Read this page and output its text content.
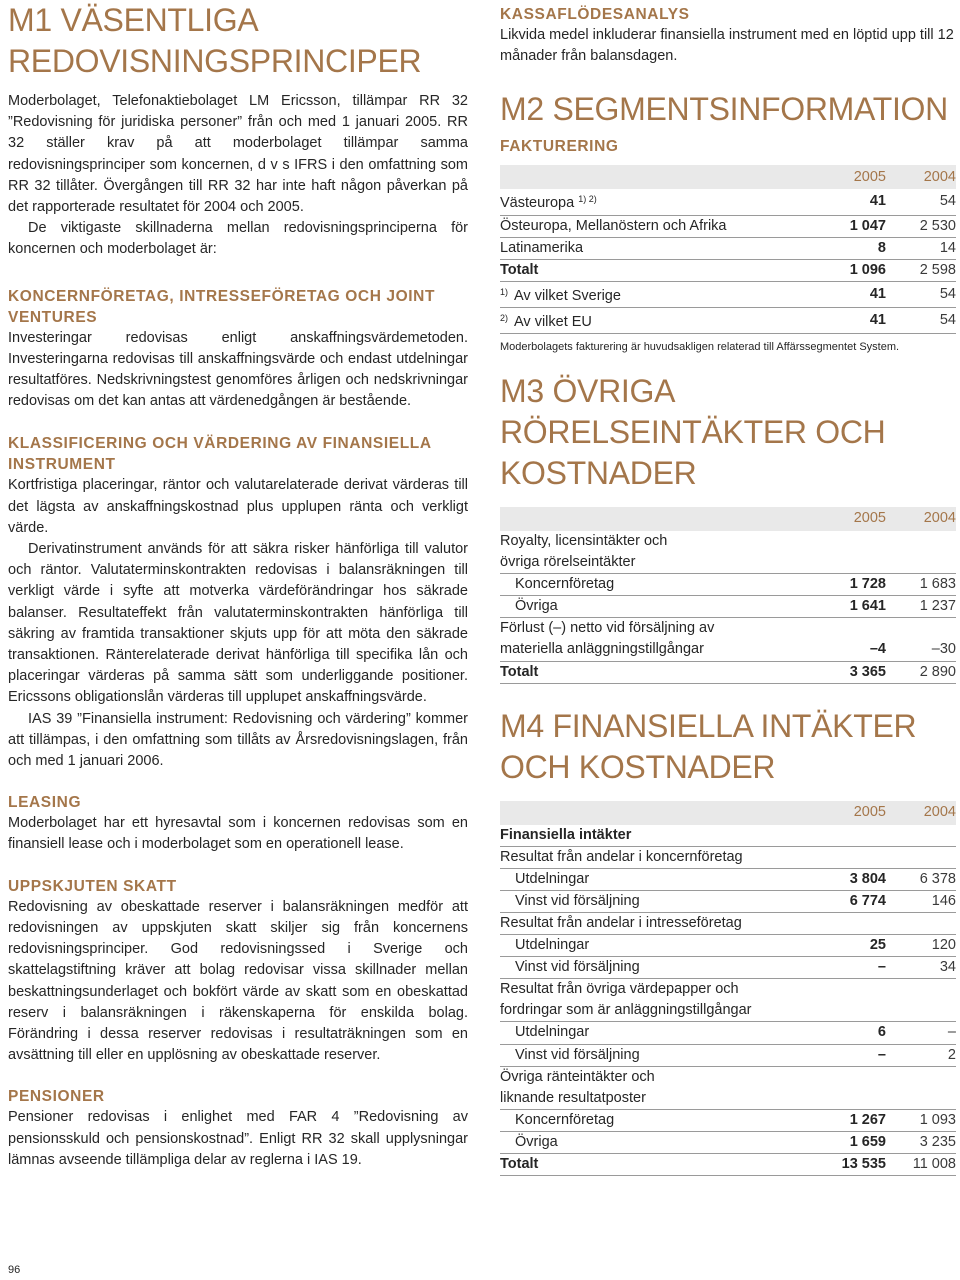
M1 VÄSENTLIGA REDOVISNINGSPRINCIPER

Moderbolaget, Telefonaktiebolaget LM Ericsson, tillämpar RR 32 ”Redovisning för juridiska personer” från och med 1 januari 2005. RR 32 ställer krav på att moderbolaget tillämpar samma redovisningsprinciper som koncernen, d v s IFRS i den omfattning som RR 32 tillåter. Övergången till RR 32 har inte haft någon påverkan på det rapporterade resultatet för 2004 och 2005.

De viktigaste skillnaderna mellan redovisningsprinciperna för koncernen och moderbolaget är:

KONCERNFÖRETAG, INTRESSEFÖRETAG OCH JOINT VENTURES

Investeringar redovisas enligt anskaffningsvärdemetoden. Investeringarna redovisas till anskaffningsvärde och endast utdelningar resultatföres. Nedskrivningstest genomföres årligen och nedskrivningar redovisas om det kan antas att värdenedgången är bestående.

KLASSIFICERING OCH VÄRDERING AV FINANSIELLA INSTRUMENT

Kortfristiga placeringar, räntor och valutarelaterade derivat värderas till det lägsta av anskaffningskostnad plus upplupen ränta och verkligt värde.

Derivatinstrument används för att säkra risker hänförliga till valutor och räntor. Valutaterminskontrakten redovisas i balansräkningen till verkligt värde i syfte att motverka värdeförändringar hos säkrade balanser. Resultateffekt från valutaterminskontrakten hänförliga till säkring av framtida transaktioner skjuts upp för att möta den säkrade transaktionen. Ränterelaterade derivat hänförliga till specifika lån och placeringar värderas på samma sätt som underliggande positioner. Ericssons obligationslån värderas till upplupet anskaffningsvärde.

IAS 39 ”Finansiella instrument: Redovisning och värdering” kommer att tillämpas, i den omfattning som tillåts av Årsredovisningslagen, från och med 1 januari 2006.

LEASING

Moderbolaget har ett hyresavtal som i koncernen redovisas som en finansiell lease och i moderbolaget som en operationell lease.

UPPSKJUTEN SKATT

Redovisning av obeskattade reserver i balansräkningen medför att redovisningen av uppskjuten skatt skiljer sig från koncernens redovisningsprinciper. God redovisningssed i Sverige och skattelagstiftning kräver att bolag redovisar vissa skillnader mellan beskattningsunderlaget och bokfört värde av skatt som en obeskattad reserv i balansräkningen i räkenskaperna för enskilda bolag. Förändring i dessa reserver redovisas i resultaträkningen som en avsättning till eller en upplösning av obeskattade reserver.

PENSIONER

Pensioner redovisas i enlighet med FAR 4 ”Redovisning av pensionsskuld och pensionskostnad”. Enligt RR 32 skall upplysningar lämnas avseende tillämpliga delar av reglerna i IAS 19.

KASSAFLÖDESANALYS

Likvida medel inkluderar finansiella instrument med en löptid upp till 12 månader från balansdagen.

M2 SEGMENTSINFORMATION
FAKTURERING
	2005	2004
Västeuropa $^{1) 2)}$	41	54
Östeuropa, Mellanöstern och Afrika	1 047	2 530
Latinamerika	8	14
Totalt	1 096	2 598
$^{1)}$ Av vilket Sverige	41	54
$^{2)}$ Av vilket EU	41	54

Moderbolagets fakturering är huvudsakligen relaterad till Affärssegmentet System.

M3 ÖVRIGA RÖRELSEINTÄKTER OCH KOSTNADER
	2005	2004
Royalty, licensintäkter och		
övriga rörelseintäkter		
Koncernföretag	1 728	1 683
Övriga	1 641	1 237
Förlust (–) netto vid försäljning av		
materiella anläggningstillgångar	–4	–30
Totalt	3 365	2 890
M4 FINANSIELLA INTÄKTER OCH KOSTNADER
	2005	2004
Finansiella intäkter		
Resultat från andelar i koncernföretag		
Utdelningar	3 804	6 378
Vinst vid försäljning	6 774	146
Resultat från andelar i intresseföretag		
Utdelningar	25	120
Vinst vid försäljning	–	34
Resultat från övriga värdepapper och		
fordringar som är anläggningstillgångar		
Utdelningar	6	–
Vinst vid försäljning	–	2
Övriga ränteintäkter och		
liknande resultatposter		
Koncernföretag	1 267	1 093
Övriga	1 659	3 235
Totalt	13 535	11 008
96
